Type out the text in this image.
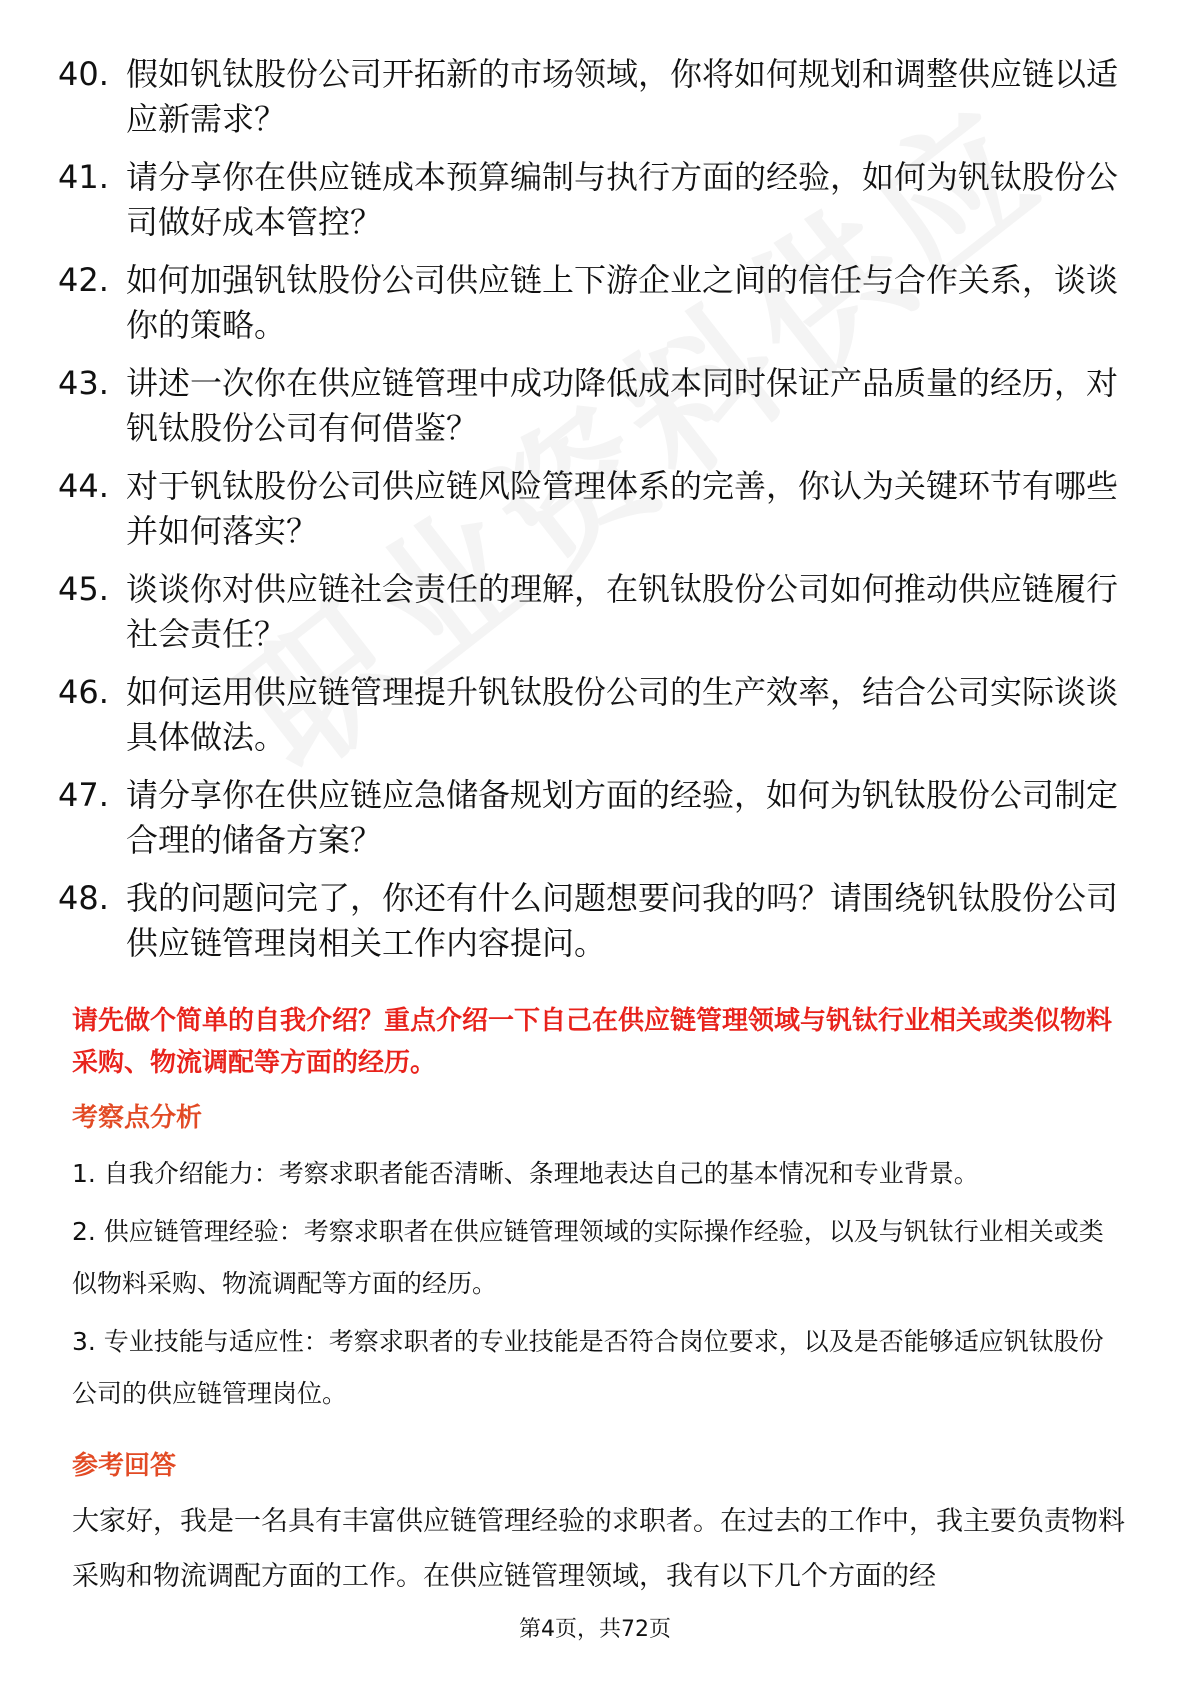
40. 假如钒钛股份公司开拓新的市场领域，你将如何规划和调整供应链以适应新需求？
41. 请分享你在供应链成本预算编制与执行方面的经验，如何为钒钛股份公司做好成本管控？
42. 如何加强钒钛股份公司供应链上下游企业之间的信任与合作关系，谈谈你的策略。
43. 讲述一次你在供应链管理中成功降低成本同时保证产品质量的经历，对钒钛股份公司有何借鉴？
44. 对于钒钛股份公司供应链风险管理体系的完善，你认为关键环节有哪些并如何落实？
45. 谈谈你对供应链社会责任的理解，在钒钛股份公司如何推动供应链履行社会责任？
46. 如何运用供应链管理提升钒钛股份公司的生产效率，结合公司实际谈谈具体做法。
47. 请分享你在供应链应急储备规划方面的经验，如何为钒钛股份公司制定合理的储备方案？
48. 我的问题问完了，你还有什么问题想要问我的吗？请围绕钒钛股份公司供应链管理岗相关工作内容提问。
请先做个简单的自我介绍？重点介绍一下自己在供应链管理领域与钒钛行业相关或类似物料采购、物流调配等方面的经历。
考察点分析

1. 自我介绍能力：考察求职者能否清晰、条理地表达自己的基本情况和专业背景。

2. 供应链管理经验：考察求职者在供应链管理领域的实际操作经验，以及与钒钛行业相关或类似物料采购、物流调配等方面的经历。

3. 专业技能与适应性：考察求职者的专业技能是否符合岗位要求，以及是否能够适应钒钛股份公司的供应链管理岗位。

参考回答

大家好，我是一名具有丰富供应链管理经验的求职者。在过去的工作中，我主要负责物料采购和物流调配方面的工作。在供应链管理领域，我有以下几个方面的经

第4页，共72页
